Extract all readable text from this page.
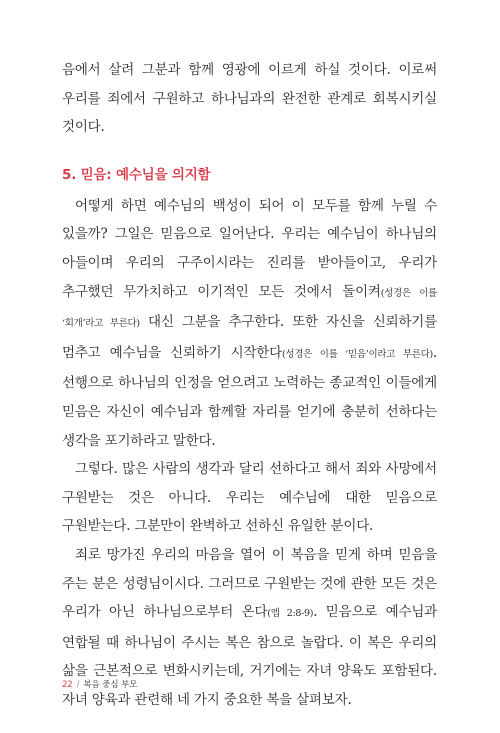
음에서 살려 그분과 함께 영광에 이르게 하실 것이다. 이로써 우리를 죄에서 구원하고 하나님과의 완전한 관계로 회복시키실 것이다.

5. 믿음: 예수님을 의지함

어떻게 하면 예수님의 백성이 되어 이 모두를 함께 누릴 수 있을까? 그일은 믿음으로 일어난다. 우리는 예수님이 하나님의 아들이며 우리의 구주이시라는 진리를 받아들이고, 우리가 추구했던 무가치하고 이기적인 모든 것에서 돌이켜(성경은 이를 ‘회개’라고 부른다) 대신 그분을 추구한다. 또한 자신을 신뢰하기를 멈추고 예수님을 신뢰하기 시작한다(성경은 이를 ‘믿음’이라고 부른다). 선행으로 하나님의 인정을 얻으려고 노력하는 종교적인 이들에게 믿음은 자신이 예수님과 함께할 자리를 얻기에 충분히 선하다는 생각을 포기하라고 말한다.

그렇다. 많은 사람의 생각과 달리 선하다고 해서 죄와 사망에서 구원받는 것은 아니다. 우리는 예수님에 대한 믿음으로 구원받는다. 그분만이 완벽하고 선하신 유일한 분이다.

죄로 망가진 우리의 마음을 열어 이 복음을 믿게 하며 믿음을 주는 분은 성령님이시다. 그러므로 구원받는 것에 관한 모든 것은 우리가 아닌 하나님으로부터 온다(엡 2:8-9). 믿음으로 예수님과 연합될 때 하나님이 주시는 복은 참으로 놀랍다. 이 복은 우리의 삶을 근본적으로 변화시키는데, 거기에는 자녀 양육도 포함된다. 자녀 양육과 관련해 네 가지 중요한 복을 살펴보자.

22 / 복음 중심 부모
